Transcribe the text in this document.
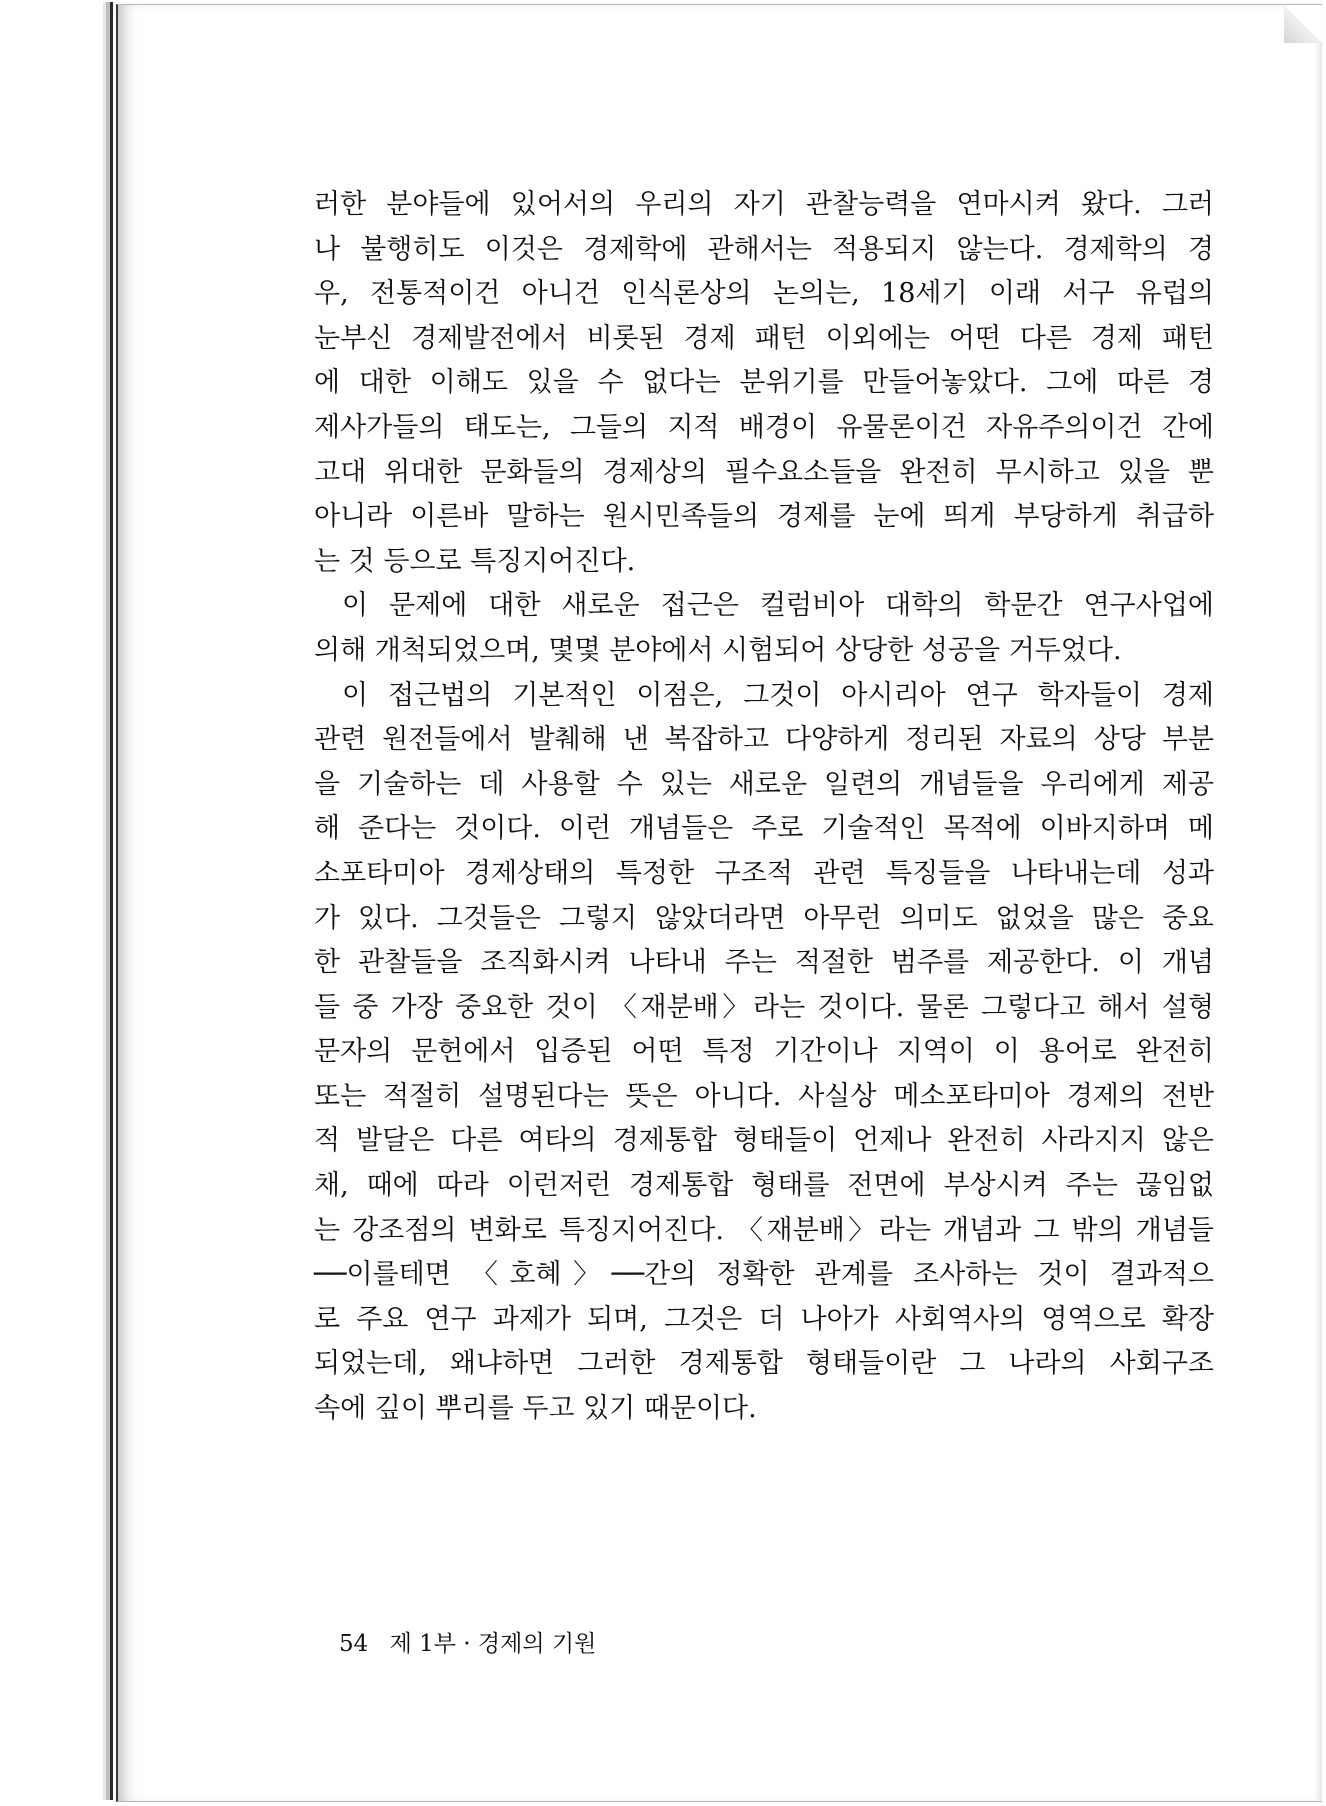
러한 분야들에 있어서의 우리의 자기 관찰능력을 연마시켜 왔다. 그러
나 불행히도 이것은 경제학에 관해서는 적용되지 않는다. 경제학의 경
우, 전통적이건 아니건 인식론상의 논의는, 18세기 이래 서구 유럽의
눈부신 경제발전에서 비롯된 경제 패턴 이외에는 어떤 다른 경제 패턴
에 대한 이해도 있을 수 없다는 분위기를 만들어놓았다. 그에 따른 경
제사가들의 태도는, 그들의 지적 배경이 유물론이건 자유주의이건 간에
고대 위대한 문화들의 경제상의 필수요소들을 완전히 무시하고 있을 뿐
아니라 이른바 말하는 원시민족들의 경제를 눈에 띄게 부당하게 취급하
는 것 등으로 특징지어진다.
이 문제에 대한 새로운 접근은 컬럼비아 대학의 학문간 연구사업에
의해 개척되었으며, 몇몇 분야에서 시험되어 상당한 성공을 거두었다.
이 접근법의 기본적인 이점은, 그것이 아시리아 연구 학자들이 경제
관련 원전들에서 발췌해 낸 복잡하고 다양하게 정리된 자료의 상당 부분
을 기술하는 데 사용할 수 있는 새로운 일련의 개념들을 우리에게 제공
해 준다는 것이다. 이런 개념들은 주로 기술적인 목적에 이바지하며 메
소포타미아 경제상태의 특정한 구조적 관련 특징들을 나타내는데 성과
가 있다. 그것들은 그렇지 않았더라면 아무런 의미도 없었을 많은 중요
한 관찰들을 조직화시켜 나타내 주는 적절한 범주를 제공한다. 이 개념
들 중 가장 중요한 것이 〈재분배〉라는 것이다. 물론 그렇다고 해서 설형
문자의 문헌에서 입증된 어떤 특정 기간이나 지역이 이 용어로 완전히
또는 적절히 설명된다는 뜻은 아니다. 사실상 메소포타미아 경제의 전반
적 발달은 다른 여타의 경제통합 형태들이 언제나 완전히 사라지지 않은
채, 때에 따라 이런저런 경제통합 형태를 전면에 부상시켜 주는 끊임없
는 강조점의 변화로 특징지어진다. 〈재분배〉라는 개념과 그 밖의 개념들
──이를테면 〈호혜〉──간의 정확한 관계를 조사하는 것이 결과적으
로 주요 연구 과제가 되며, 그것은 더 나아가 사회역사의 영역으로 확장
되었는데, 왜냐하면 그러한 경제통합 형태들이란 그 나라의 사회구조
속에 깊이 뿌리를 두고 있기 때문이다.
54 제 1부 · 경제의 기원
